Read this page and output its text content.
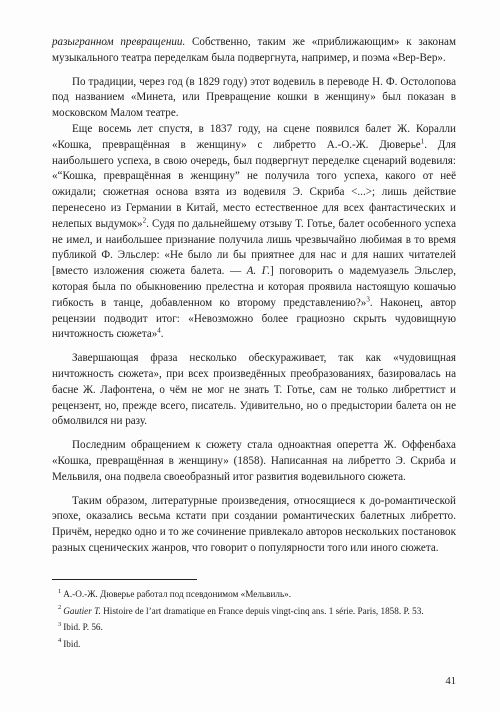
разыгранном превращении. Собственно, таким же «приближающим» к законам музыкального театра переделкам была подвергнута, например, и поэма «Вер-Вер».

По традиции, через год (в 1829 году) этот водевиль в переводе Н. Ф. Остолопова под названием «Минета, или Превращение кошки в женщину» был показан в московском Малом театре.

Еще восемь лет спустя, в 1837 году, на сцене появился балет Ж. Коралли «Кошка, превращённая в женщину» с либретто А.-О.-Ж. Дюверье$^1$. Для наибольшего успеха, в свою очередь, был подвергнут переделке сценарий водевиля: «“Кошка, превращённая в женщину” не получила того успеха, какого от неё ожидали; сюжетная основа взята из водевиля Э. Скриба <...>; лишь действие перенесено из Германии в Китай, место естественное для всех фантастических и нелепых выдумок»$^2$. Судя по дальнейшему отзыву Т. Готье, балет особенного успеха не имел, и наибольшее признание получила лишь чрезвычайно любимая в то время публикой Ф. Эльслер: «Не было ли бы приятнее для нас и для наших читателей [вместо изложения сюжета балета. — А. Г.] поговорить о мадемуазель Эльслер, которая была по обыкновению прелестна и которая проявила настоящую кошачью гибкость в танце, добавленном ко второму представлению?»$^3$. Наконец, автор рецензии подводит итог: «Невозможно более грациозно скрыть чудовищную ничтожность сюжета»$^4$.

Завершающая фраза несколько обескураживает, так как «чудовищная ничтожность сюжета», при всех произведённых преобразованиях, базировалась на басне Ж. Лафонтена, о чём не мог не знать Т. Готье, сам не только либреттист и рецензент, но, прежде всего, писатель. Удивительно, но о предыстории балета он не обмолвился ни разу.

Последним обращением к сюжету стала одноактная оперетта Ж. Оффенбаха «Кошка, превращённая в женщину» (1858). Написанная на либретто Э. Скриба и Мельвиля, она подвела своеобразный итог развития водевильного сюжета.

Таким образом, литературные произведения, относящиеся к до-романтической эпохе, оказались весьма кстати при создании романтических балетных либретто. Причём, нередко одно и то же сочинение привлекало авторов нескольких постановок разных сценических жанров, что говорит о популярности того или иного сюжета.

$^1$ А.-О.-Ж. Дюверье работал под псевдонимом «Мельвиль».

$^2$ Gautier T. Histoire de l’art dramatique en France depuis vingt-cinq ans. 1 série. Paris, 1858. P. 53.

$^3$ Ibid. P. 56.

$^4$ Ibid.

41
